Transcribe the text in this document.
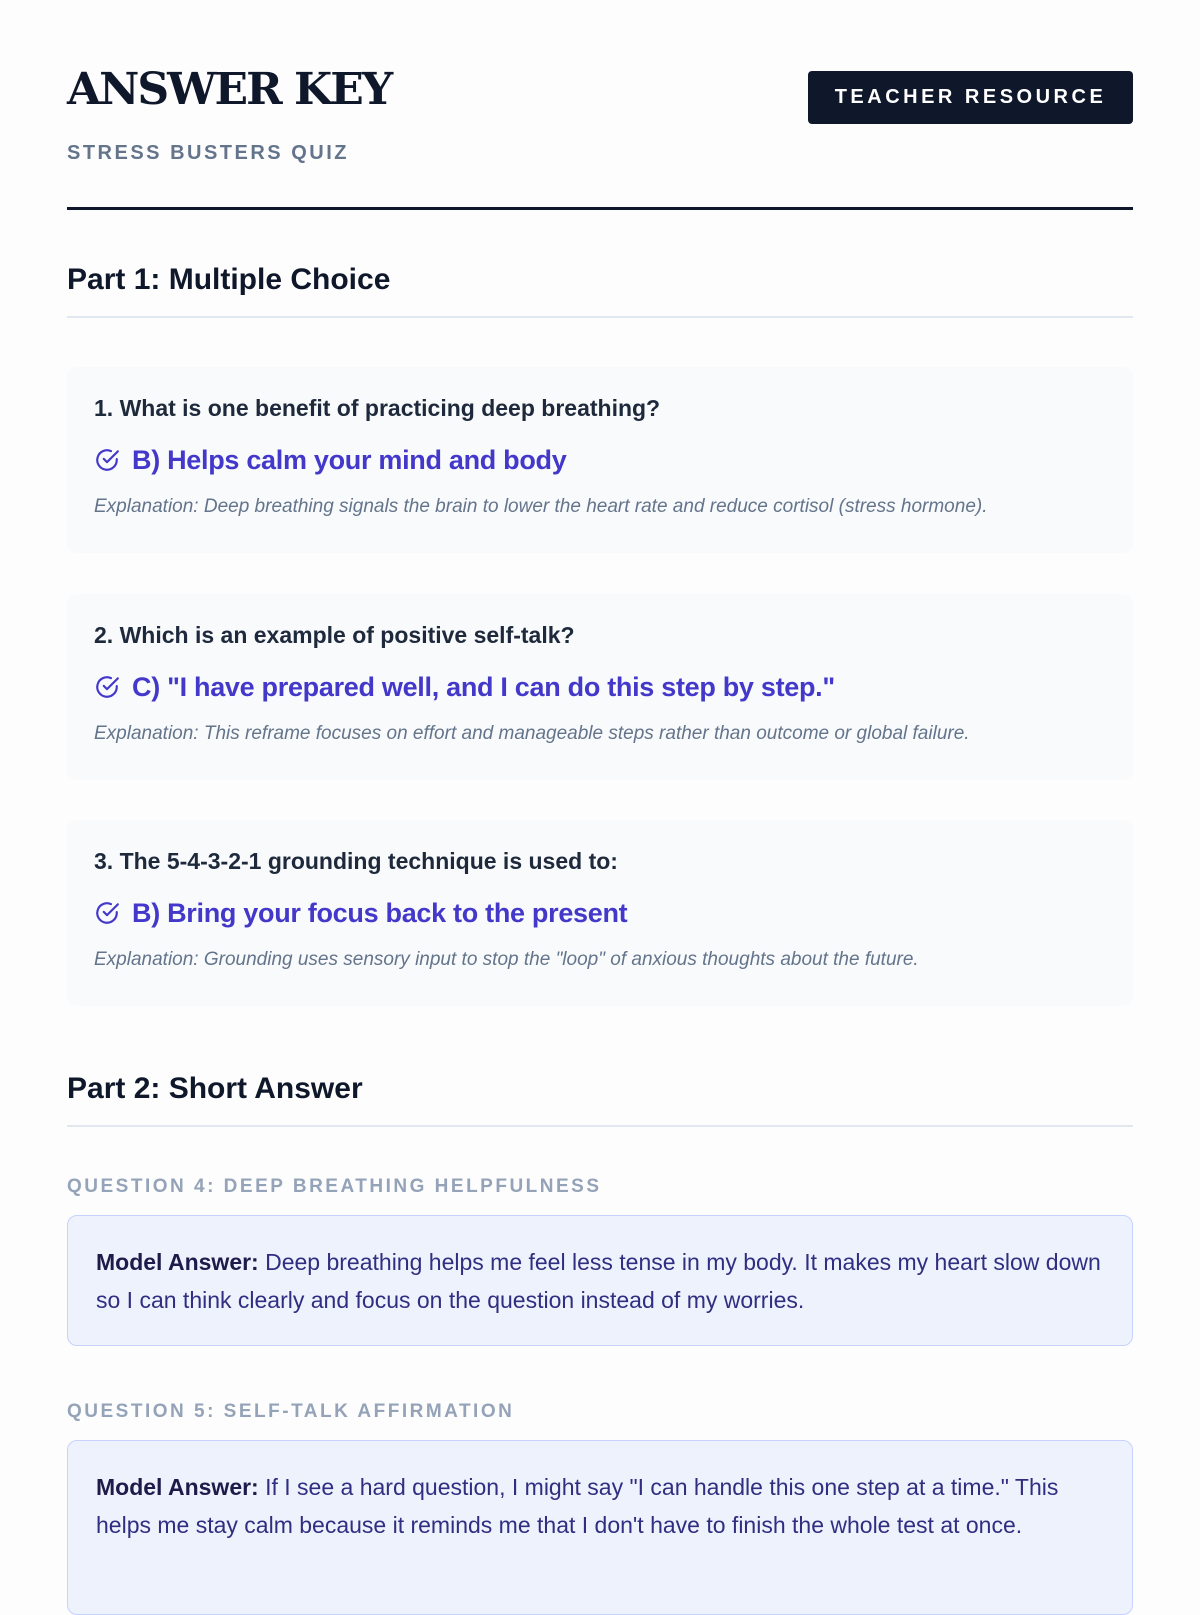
ANSWER KEY
STRESS BUSTERS QUIZ
TEACHER RESOURCE
Part 1: Multiple Choice

1. What is one benefit of practicing deep breathing?

B) Helps calm your mind and body
Explanation: Deep breathing signals the brain to lower the heart rate and reduce cortisol (stress hormone).

2. Which is an example of positive self-talk?

C) "I have prepared well, and I can do this step by step."
Explanation: This reframe focuses on effort and manageable steps rather than outcome or global failure.

3. The 5-4-3-2-1 grounding technique is used to:

B) Bring your focus back to the present
Explanation: Grounding uses sensory input to stop the "loop" of anxious thoughts about the future.
Part 2: Short Answer
QUESTION 4: DEEP BREATHING HELPFULNESS
Model Answer: Deep breathing helps me feel less tense in my body. It makes my heart slow down so I can think clearly and focus on the question instead of my worries.
QUESTION 5: SELF-TALK AFFIRMATION
Model Answer: If I see a hard question, I might say "I can handle this one step at a time." This helps me stay calm because it reminds me that I don't have to finish the whole test at once.
